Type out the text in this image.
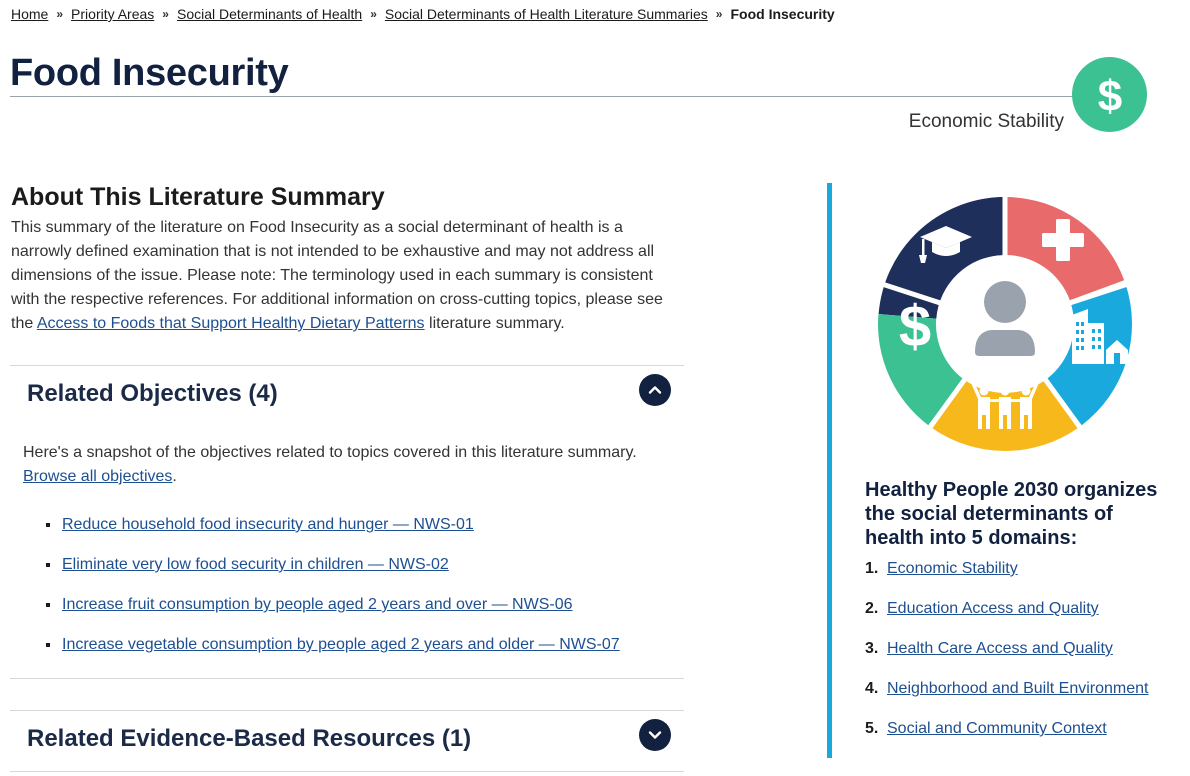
Home » Priority Areas » Social Determinants of Health » Social Determinants of Health Literature Summaries » Food Insecurity
Food Insecurity
Economic Stability
$
About This Literature Summary

This summary of the literature on Food Insecurity as a social determinant of health is a narrowly defined examination that is not intended to be exhaustive and may not address all dimensions of the issue. Please note: The terminology used in each summary is consistent with the respective references. For additional information on cross-cutting topics, please see the Access to Foods that Support Healthy Dietary Patterns literature summary.

Related Objectives (4)

Here's a snapshot of the objectives related to topics covered in this literature summary. Browse all objectives.

Reduce household food insecurity and hunger — NWS-01
Eliminate very low food security in children — NWS-02
Increase fruit consumption by people aged 2 years and over — NWS-06
Increase vegetable consumption by people aged 2 years and older — NWS-07
Related Evidence-Based Resources (1)
$
Healthy People 2030 organizes the social determinants of health into 5 domains:
1. Economic Stability
2. Education Access and Quality
3. Health Care Access and Quality
4. Neighborhood and Built Environment
5. Social and Community Context
